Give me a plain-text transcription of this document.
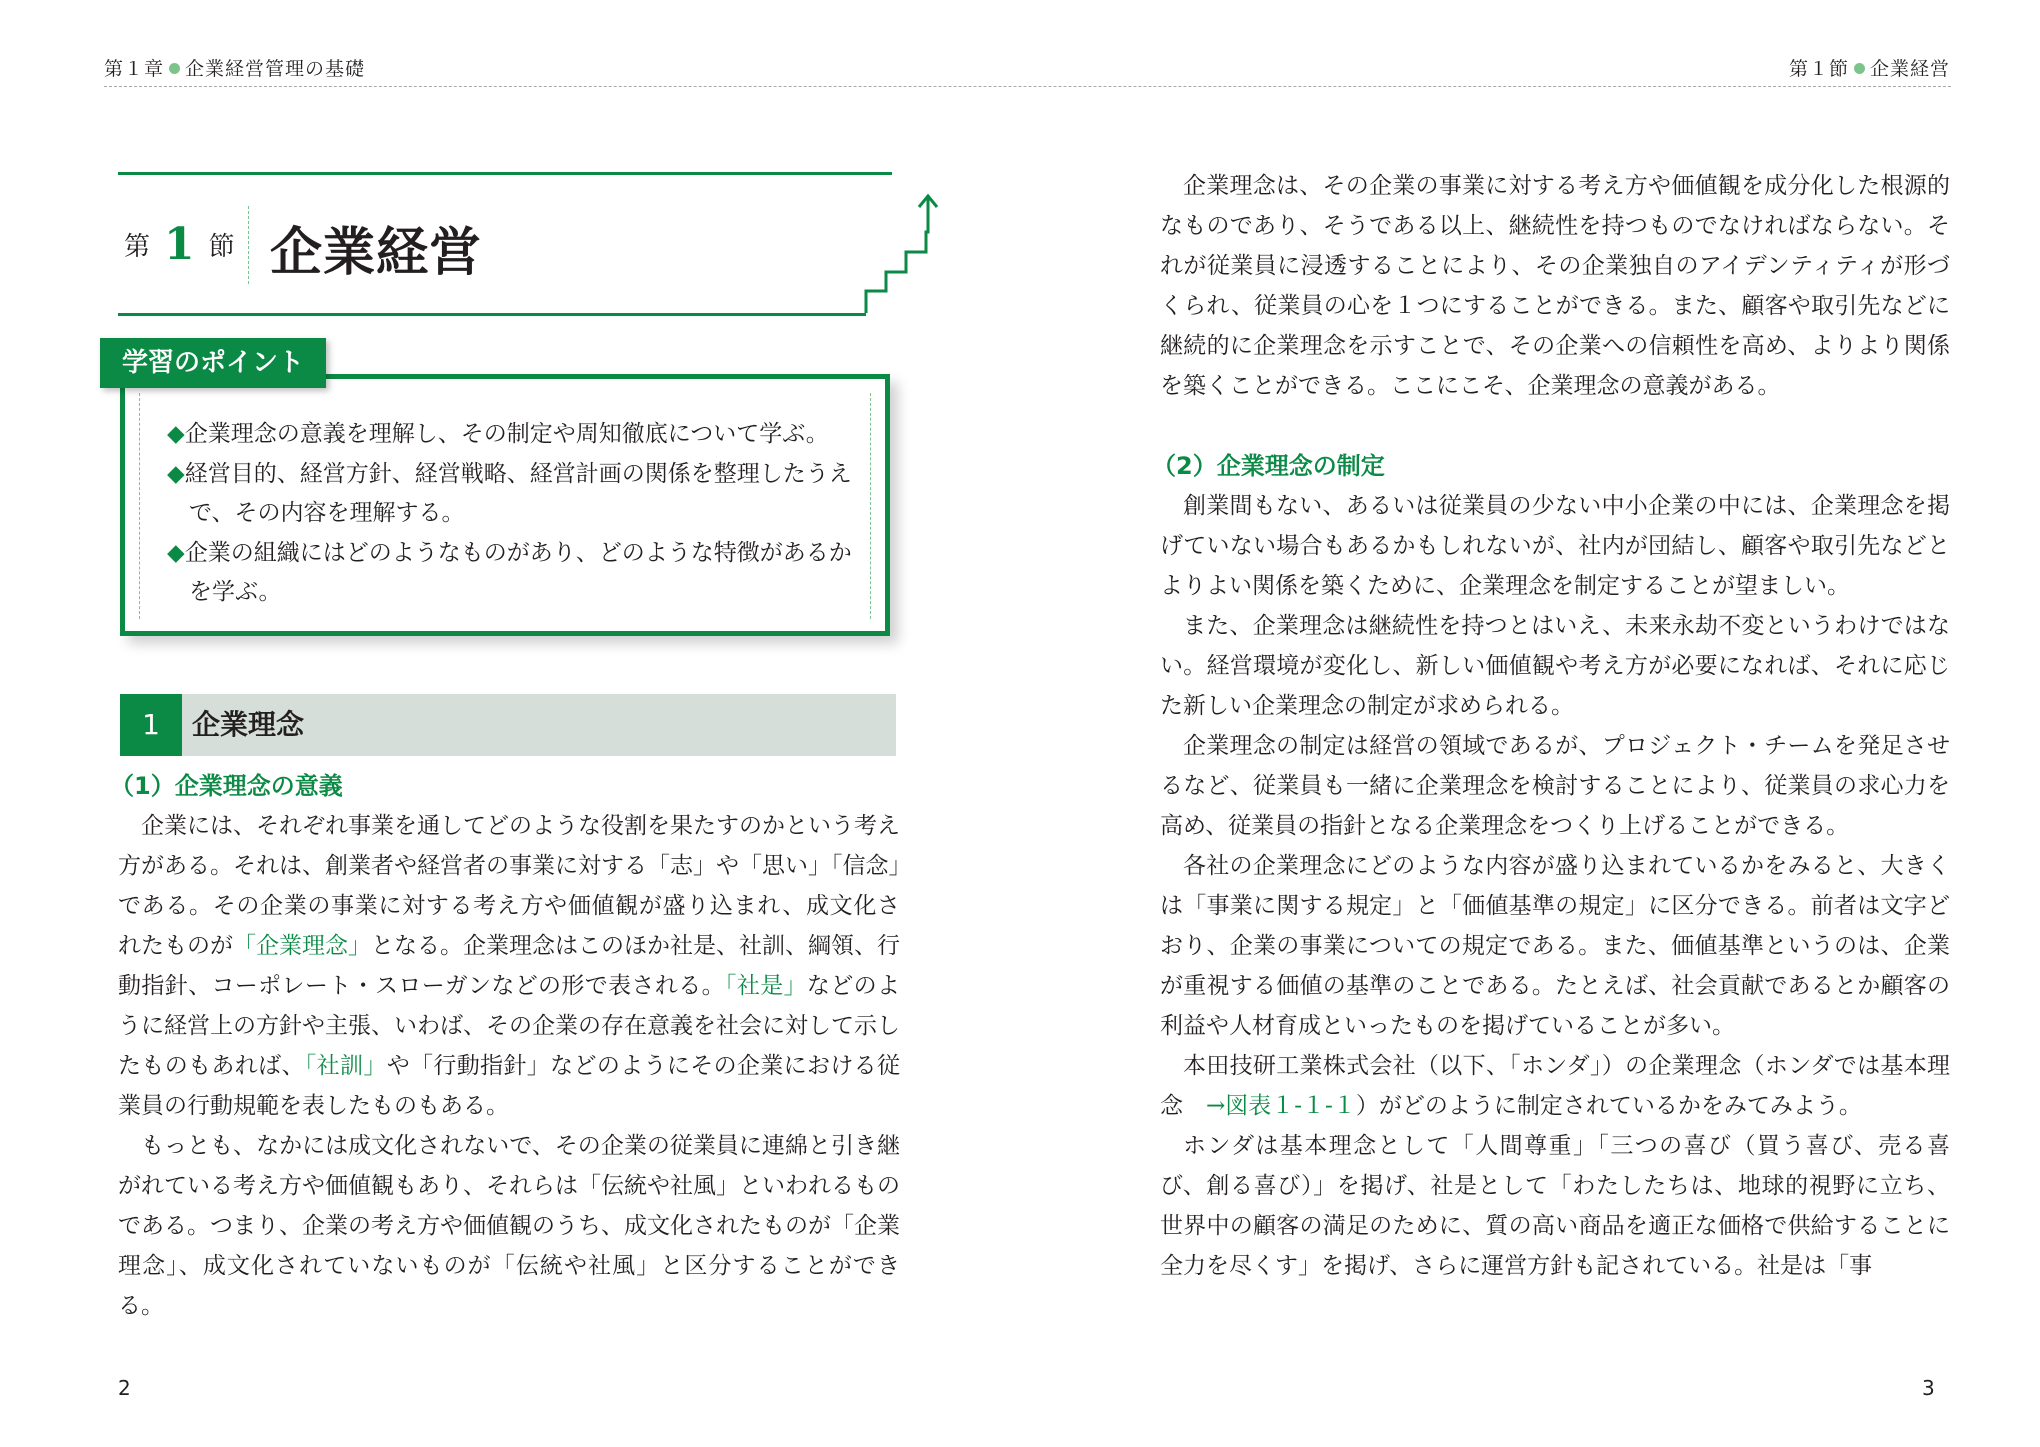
第１章 企業経営管理の基礎	第１節 企業経営
第 1 節 企業経営
◆企業理念の意義を理解し、その制定や周知徹底について学ぶ。
◆経営目的、経営方針、経営戦略、経営計画の関係を整理したうえで、その内容を理解する。
◆企業の組織にはどのようなものがあり、どのような特徴があるかを学ぶ。
学習のポイント
1	企業理念
（1）企業理念の意義

企業には、それぞれ事業を通してどのような役割を果たすのかという考え方がある。それは、創業者や経営者の事業に対する「志」や「思い」「信念」である。その企業の事業に対する考え方や価値観が盛り込まれ、成文化されたものが「企業理念」となる。企業理念はこのほか社是、社訓、綱領、行動指針、コーポレート・スローガンなどの形で表される。「社是」などのように経営上の方針や主張、いわば、その企業の存在意義を社会に対して示したものもあれば、「社訓」や「行動指針」などのようにその企業における従業員の行動規範を表したものもある。

もっとも、なかには成文化されないで、その企業の従業員に連綿と引き継がれている考え方や価値観もあり、それらは「伝統や社風」といわれるものである。つまり、企業の考え方や価値観のうち、成文化されたものが「企業理念」、成文化されていないものが「伝統や社風」と区分することができる。

企業理念は、その企業の事業に対する考え方や価値観を成分化した根源的なものであり、そうである以上、継続性を持つものでなければならない。それが従業員に浸透することにより、その企業独自のアイデンティティが形づくられ、従業員の心を１つにすることができる。また、顧客や取引先などに継続的に企業理念を示すことで、その企業への信頼性を高め、よりより関係を築くことができる。ここにこそ、企業理念の意義がある。

（2）企業理念の制定

創業間もない、あるいは従業員の少ない中小企業の中には、企業理念を掲げていない場合もあるかもしれないが、社内が団結し、顧客や取引先などとよりよい関係を築くために、企業理念を制定することが望ましい。

また、企業理念は継続性を持つとはいえ、未来永劫不変というわけではない。経営環境が変化し、新しい価値観や考え方が必要になれば、それに応じた新しい企業理念の制定が求められる。

企業理念の制定は経営の領域であるが、プロジェクト・チームを発足させるなど、従業員も一緒に企業理念を検討することにより、従業員の求心力を高め、従業員の指針となる企業理念をつくり上げることができる。

各社の企業理念にどのような内容が盛り込まれているかをみると、大きくは「事業に関する規定」と「価値基準の規定」に区分できる。前者は文字どおり、企業の事業についての規定である。また、価値基準というのは、企業が重視する価値の基準のことである。たとえば、社会貢献であるとか顧客の利益や人材育成といったものを掲げていることが多い。

本田技研工業株式会社（以下、「ホンダ」）の企業理念（ホンダでは基本理念　→図表１-１-１）がどのように制定されているかをみてみよう。

ホンダは基本理念として「人間尊重」「三つの喜び（買う喜び、売る喜び、創る喜び）」を掲げ、社是として「わたしたちは、地球的視野に立ち、世界中の顧客の満足のために、質の高い商品を適正な価格で供給することに全力を尽くす」を掲げ、さらに運営方針も記されている。社是は「事

2	3
